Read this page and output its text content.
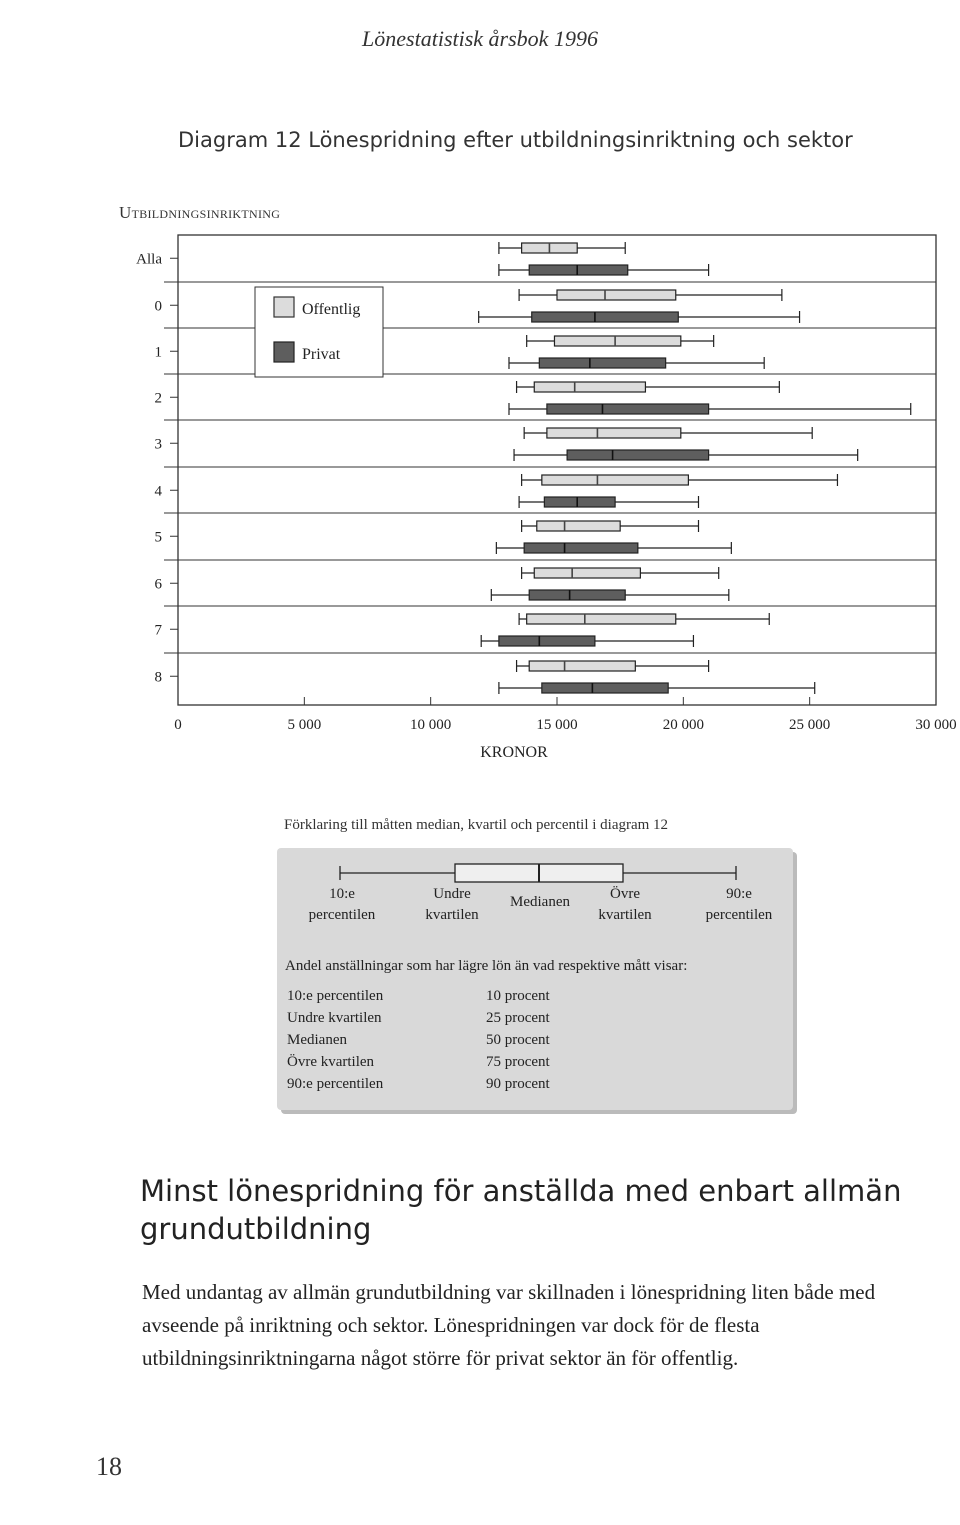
Lönestatistisk årsbok 1996
Diagram 12 Lönespridning efter utbildningsinriktning och sektor
Utbildningsinriktning
0	5 000	10 000	15 000	20 000	25 000	30 000
Alla
0
1
2
3
4
5
6
7
8
Offentlig
Privat
KRONOR
Förklaring till måtten median, kvartil och percentil i diagram 12
10:e
percentilen
Undre
kvartilen
Medianen	Övre
kvartilen
90:e
percentilen
Andel anställningar som har lägre lön än vad respektive mått visar:
10:e percentilen	10 procent
Undre kvartilen	25 procent
Medianen	50 procent
Övre kvartilen	75 procent
90:e percentilen	90 procent
Minst lönespridning för anställda med enbart allmän grundutbildning
Med undantag av allmän grundutbildning var skillnaden i lönespridning liten både med avseende på inriktning och sektor. Lönespridningen var dock för de flesta utbildningsinriktningarna något större för privat sektor än för offentlig.
18
